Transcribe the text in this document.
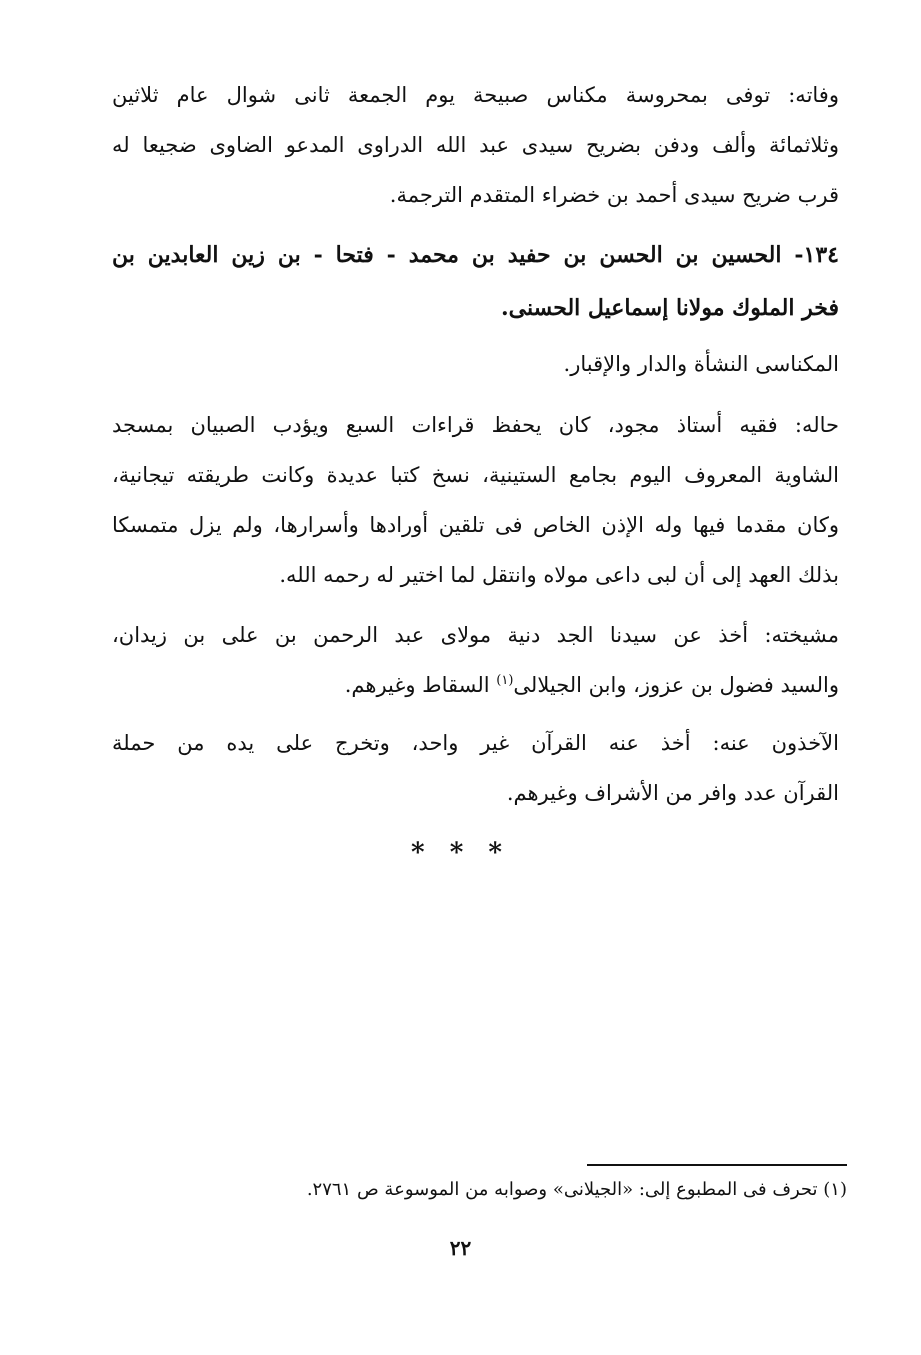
وفاته: توفى بمحروسة مكناس صبيحة يوم الجمعة ثانى شوال عام ثلاثين
وثلاثمائة وألف ودفن بضريح سيدى عبد الله الدراوى المدعو الضاوى ضجيعا له
قرب ضريح سيدى أحمد بن خضراء المتقدم الترجمة.
١٣٤- الحسين بن الحسن بن حفيد بن محمد - فتحا - بن زين العابدين بن
فخر الملوك مولانا إسماعيل الحسنى.
المكناسى النشأة والدار والإقبار.
حاله: فقيه أستاذ مجود، كان يحفظ قراءات السبع ويؤدب الصبيان بمسجد
الشاوية المعروف اليوم بجامع الستينية، نسخ كتبا عديدة وكانت طريقته تيجانية،
وكان مقدما فيها وله الإذن الخاص فى تلقين أورادها وأسرارها، ولم يزل متمسكا
بذلك العهد إلى أن لبى داعى مولاه وانتقل لما اختير له رحمه الله.
مشيخته: أخذ عن سيدنا الجد دنية مولاى عبد الرحمن بن على بن زيدان،
والسيد فضول بن عزوز، وابن الجيلالى$^{(١)}$ السقاط وغيرهم.
الآخذون عنه: أخذ عنه القرآن غير واحد، وتخرج على يده من حملة
القرآن عدد وافر من الأشراف وغيرهم.
* * *
(١) تحرف فى المطبوع إلى: «الجيلانى» وصوابه من الموسوعة ص ٢٧٦١.
٢٢
